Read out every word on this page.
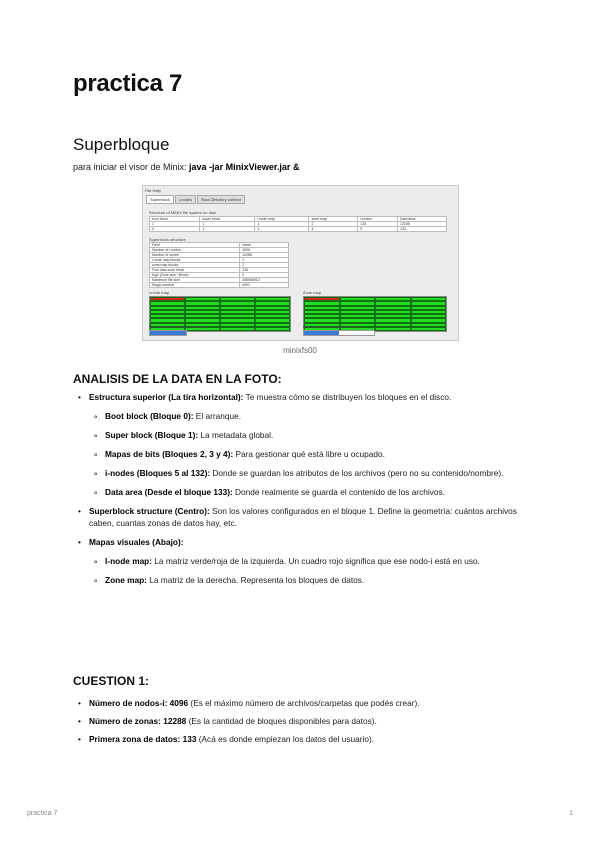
practica 7
Superbloque

para iniciar el visor de Minix: java -jar MinixViewer.jar &

File Help
Superblock	i-nodes	Root Directory content
Structure of MINIX file system on disk
boot block	super block	i-node map	zone map	i-nodes	Data area
1	1	1	2	128	12155
0	1	2	4	5	133
Superblock structure
Field	Value
Number of i-nodes	4096
Number of zones	12288
i-node map blocks	1
zone map blocks	2
First data zone block	133
log2 (Zone size / Block)	0
Maximum file size	268966912
Magic number	4991
i-node map	Zone map
Blocks occupied by i-node map	Blocks occupied by zone map
minixfs00
ANALISIS DE LA DATA EN LA FOTO:
• Estructura superior (La tira horizontal): Te muestra cómo se distribuyen los bloques en el disco.
∘ Boot block (Bloque 0): El arranque.
∘ Super block (Bloque 1): La metadata global.
∘ Mapas de bits (Bloques 2, 3 y 4): Para gestionar qué está libre u ocupado.
∘ i-nodes (Bloques 5 al 132): Donde se guardan los atributos de los archivos (pero no su contenido/nombre).
∘ Data area (Desde el bloque 133): Donde realmente se guarda el contenido de los archivos.
• Superblock structure (Centro): Son los valores configurados en el bloque 1. Define la geometría: cuántos archivos caben, cuantas zonas de datos hay, etc.
• Mapas visuales (Abajo):
∘ I-node map: La matriz verde/roja de la izquierda. Un cuadro rojo significa que ese nodo-i está en uso.
∘ Zone map: La matriz de la derecha. Representa los bloques de datos.
CUESTION 1:
• Número de nodos-i: 4096 (Es el máximo número de archivos/carpetas que podés crear).
• Número de zonas: 12288 (Es la cantidad de bloques disponibles para datos).
• Primera zona de datos: 133 (Acá es donde empiezan los datos del usuario).
practica 7	1
